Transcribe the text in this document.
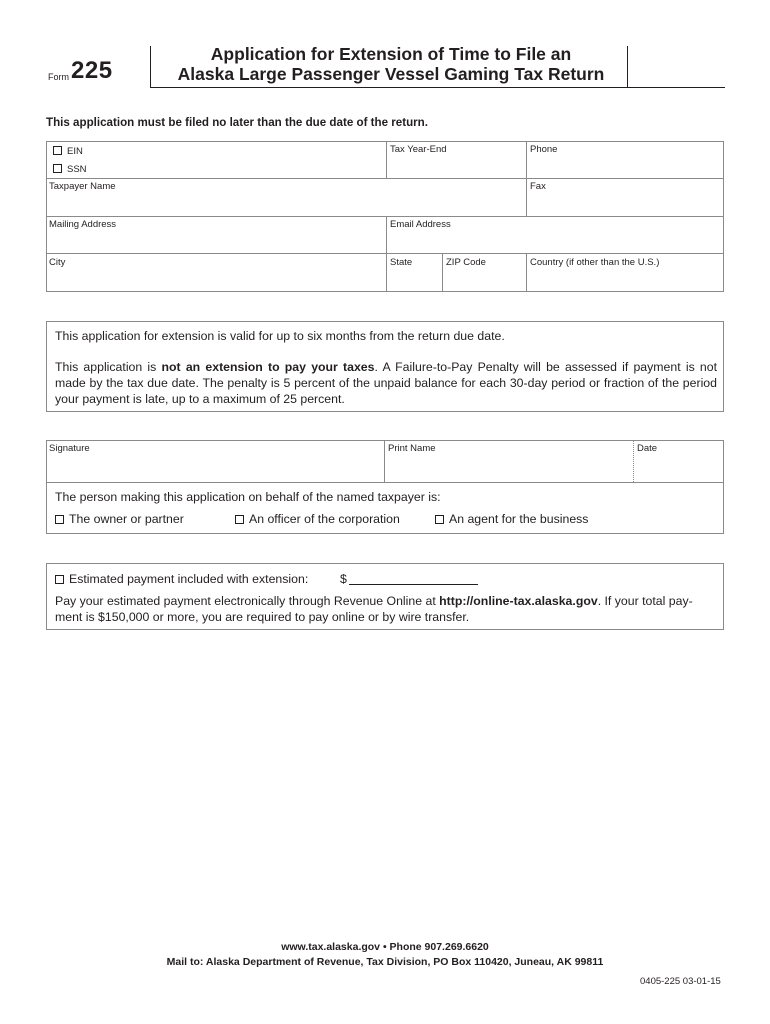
Form 225
Application for Extension of Time to File an
Alaska Large Passenger Vessel Gaming Tax Return
This application must be filed no later than the due date of the return.
EIN
SSN
Tax Year-End	Phone
Taxpayer Name	Fax
Mailing Address	Email Address
City	State	ZIP Code	Country (if other than the U.S.)
This application for extension is valid for up to six months from the return due date.
This application is not an extension to pay your taxes. A Failure-to-Pay Penalty will be assessed if payment is not made by the tax due date. The penalty is 5 percent of the unpaid balance for each 30-day period or fraction of the period your payment is late, up to a maximum of 25 percent.
Signature	Print Name	Date
The person making this application on behalf of the named taxpayer is:
The owner or partner	An officer of the corporation	An agent for the business
Estimated payment included with extension:	$
Pay your estimated payment electronically through Revenue Online at http://online-tax.alaska.gov. If your total pay-
ment is $150,000 or more, you are required to pay online or by wire transfer.
www.tax.alaska.gov • Phone 907.269.6620
Mail to: Alaska Department of Revenue, Tax Division, PO Box 110420, Juneau, AK 99811
0405-225 03-01-15
